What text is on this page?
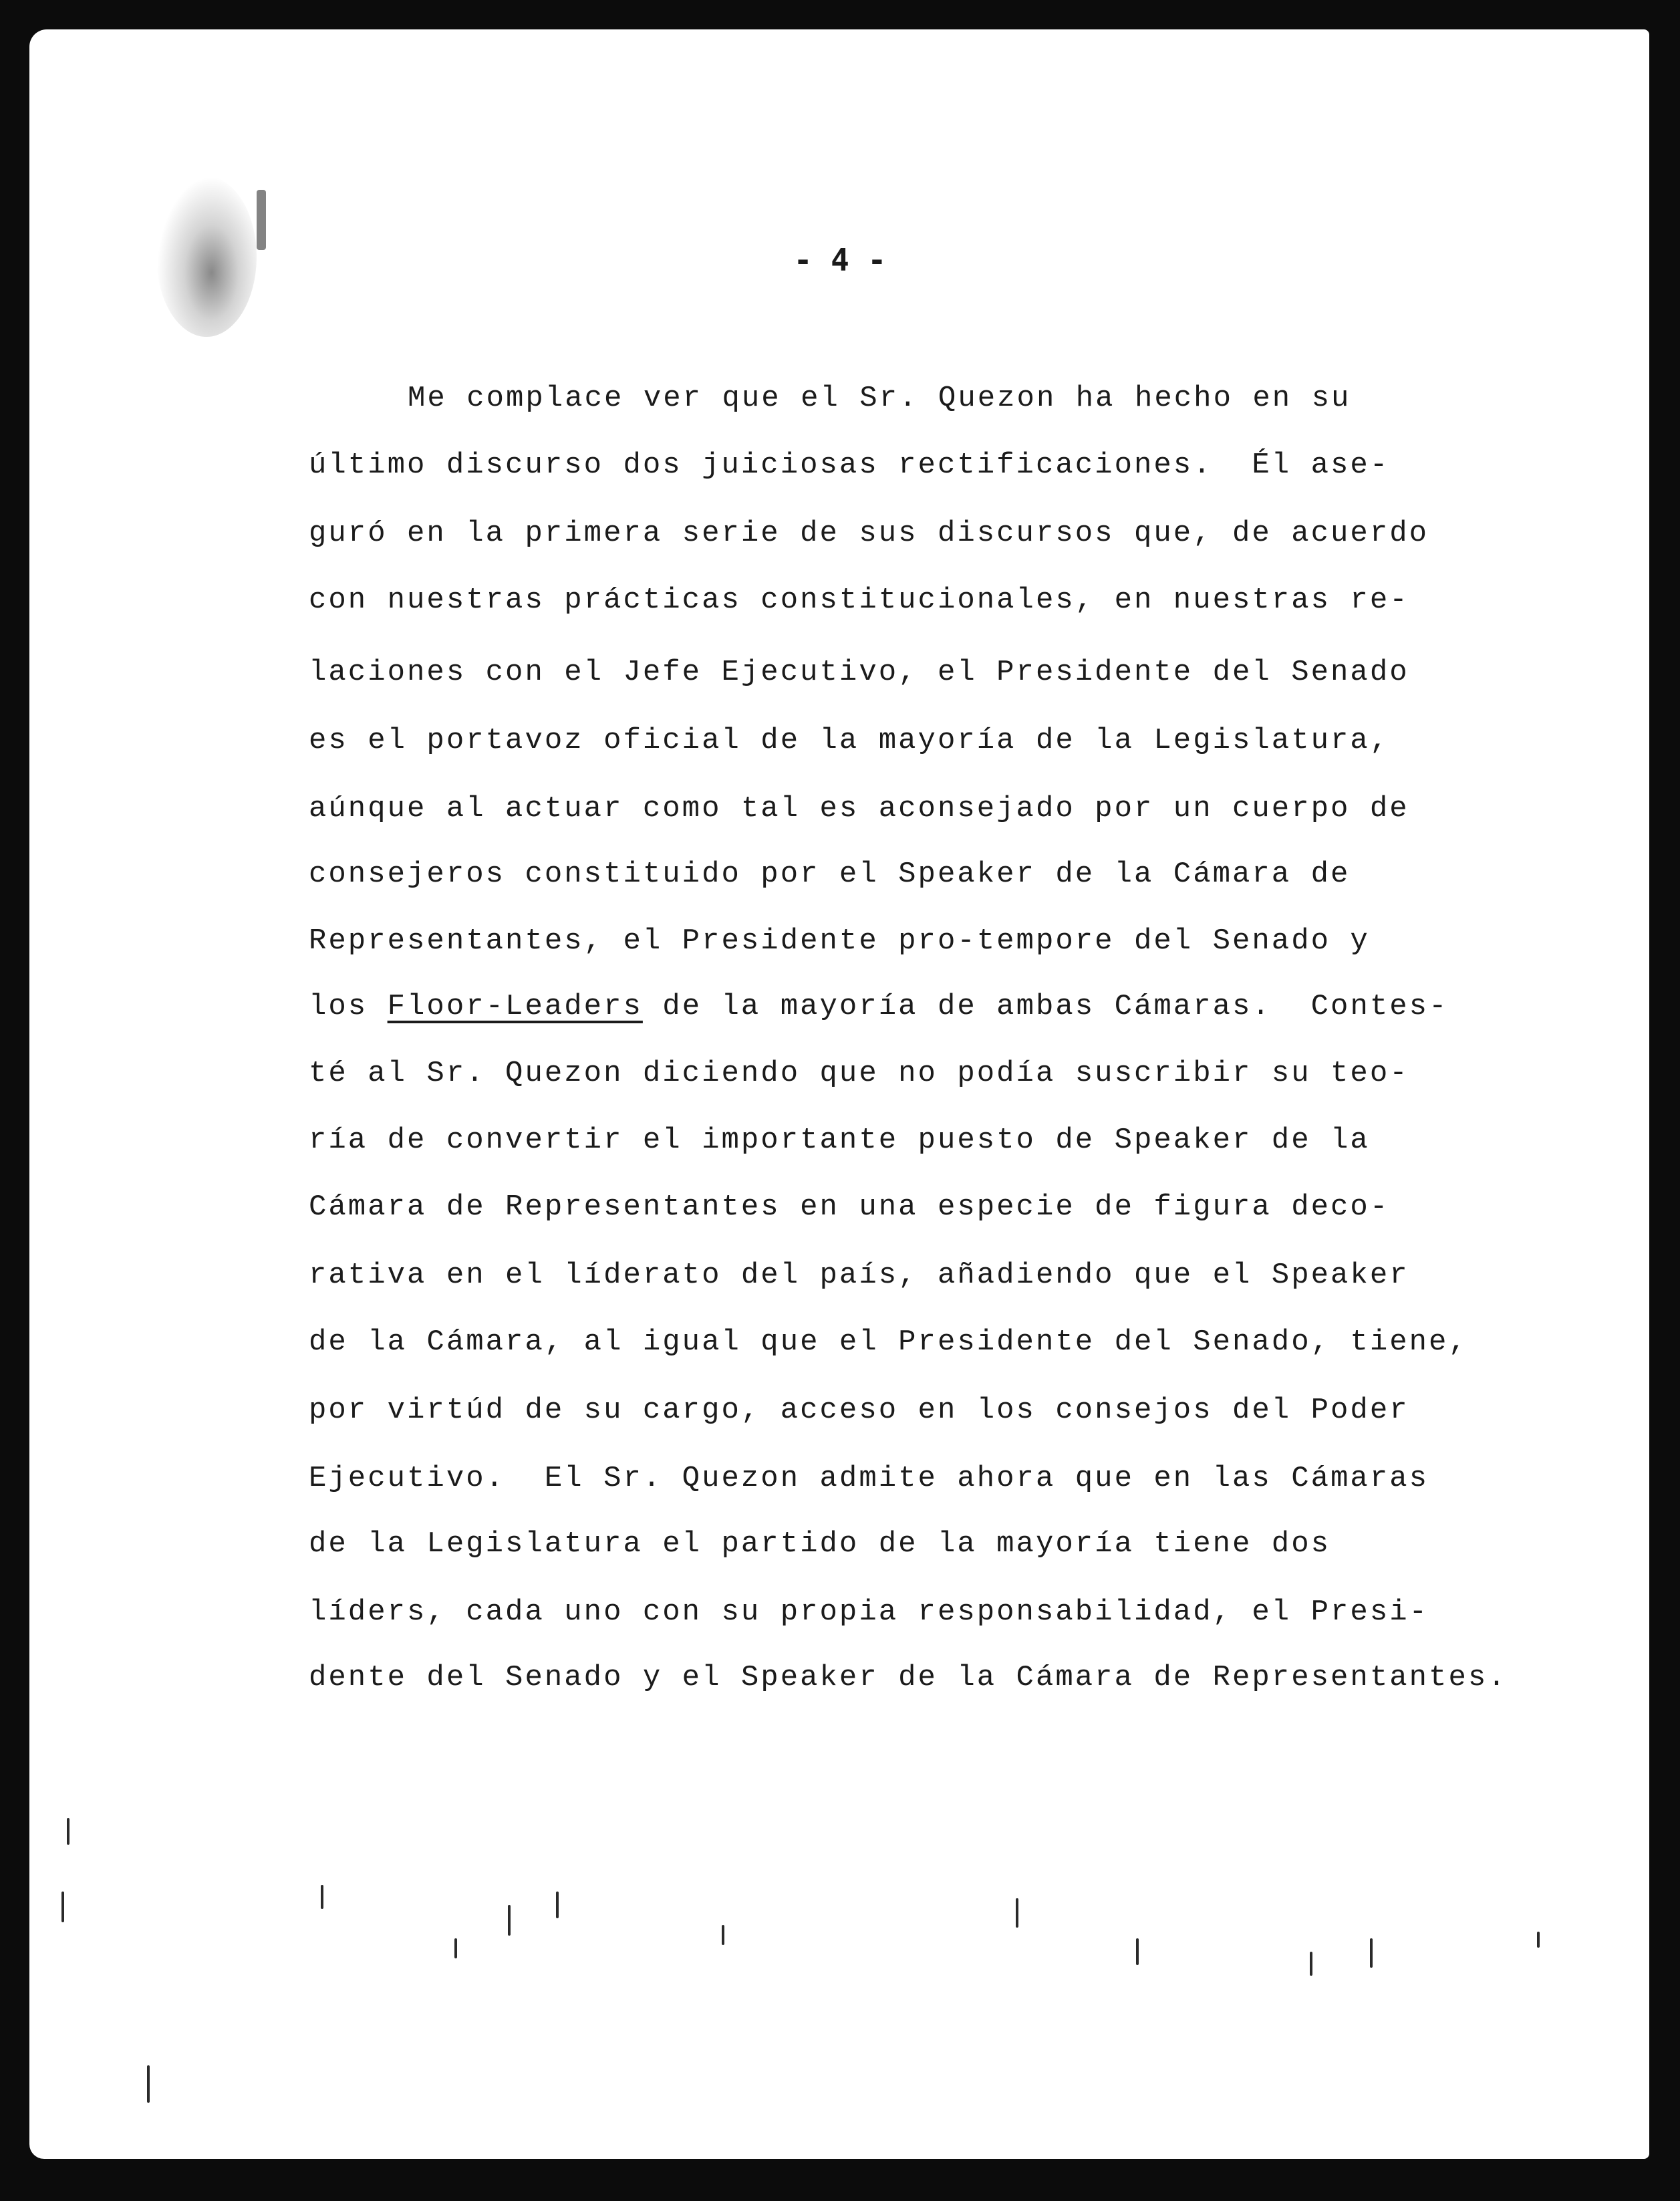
- 4 -
Me complace ver que el Sr. Quezon ha hecho en su
último discurso dos juiciosas rectificaciones.  Él ase-
guró en la primera serie de sus discursos que, de acuerdo
con nuestras prácticas constitucionales, en nuestras re-
laciones con el Jefe Ejecutivo, el Presidente del Senado
es el portavoz oficial de la mayoría de la Legislatura,
aúnque al actuar como tal es aconsejado por un cuerpo de
consejeros constituido por el Speaker de la Cámara de
Representantes, el Presidente pro-tempore del Senado y
los Floor-Leaders de la mayoría de ambas Cámaras.  Contes-
té al Sr. Quezon diciendo que no podía suscribir su teo-
ría de convertir el importante puesto de Speaker de la
Cámara de Representantes en una especie de figura deco-
rativa en el líderato del país, añadiendo que el Speaker
de la Cámara, al igual que el Presidente del Senado, tiene,
por virtúd de su cargo, acceso en los consejos del Poder
Ejecutivo.  El Sr. Quezon admite ahora que en las Cámaras
de la Legislatura el partido de la mayoría tiene dos
líders, cada uno con su propia responsabilidad, el Presi-
dente del Senado y el Speaker de la Cámara de Representantes.
